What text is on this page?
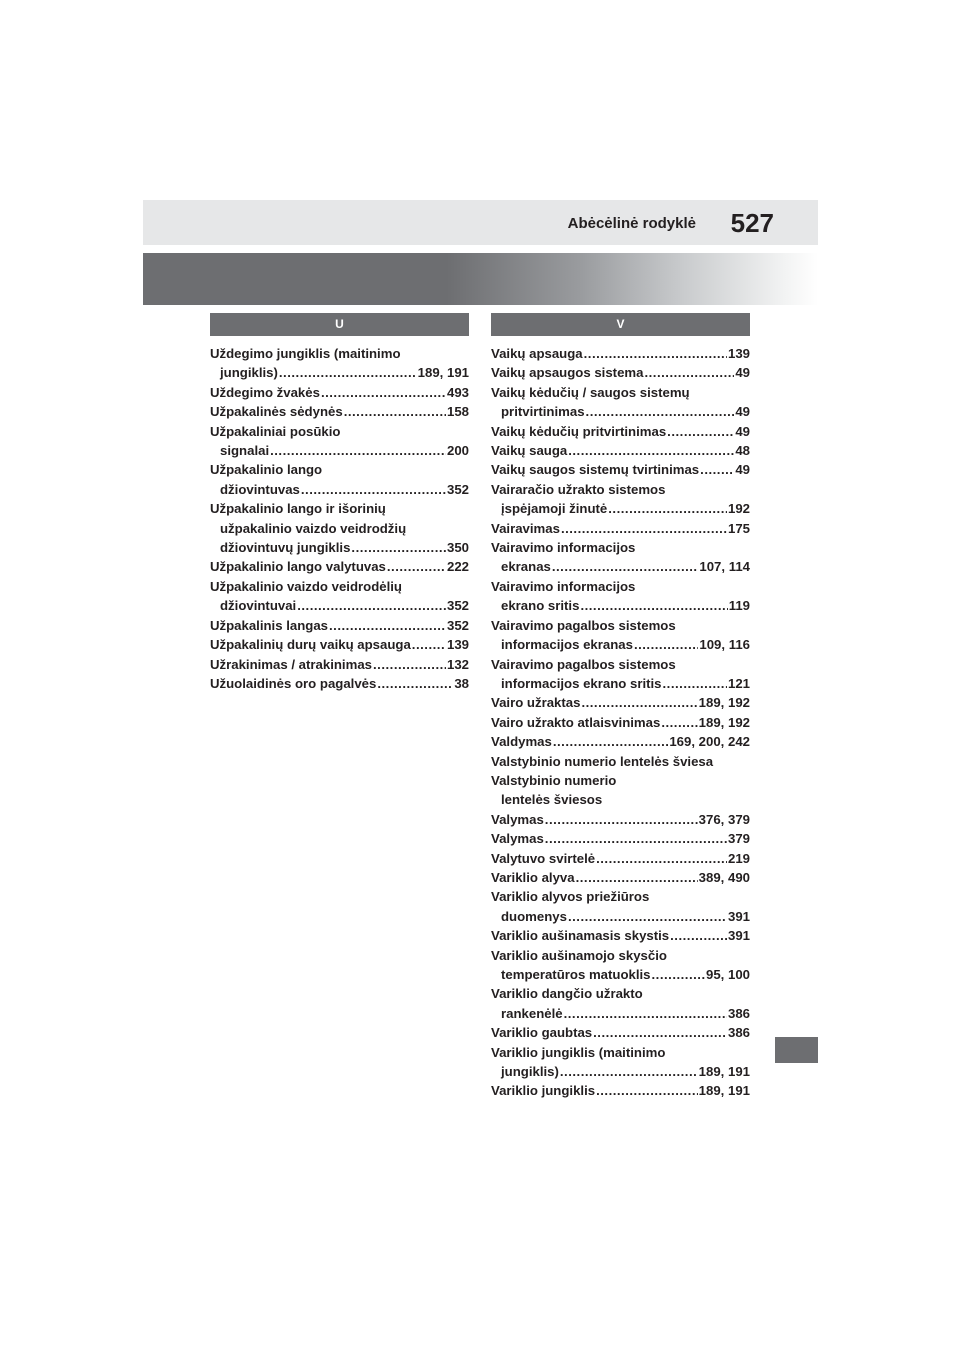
Abėcėlinė rodyklė 527
U
Uždegimo jungiklis (maitinimo
jungiklis) .....	189, 191
Uždegimo žvakės .....	493
Užpakalinės sėdynės .....	158
Užpakaliniai posūkio
signalai .....	200
Užpakalinio lango
džiovintuvas .....	352
Užpakalinio lango ir išorinių
užpakalinio vaizdo veidrodžių
džiovintuvų jungiklis .....	350
Užpakalinio lango valytuvas .....	222
Užpakalinio vaizdo veidrodėlių
džiovintuvai .....	352
Užpakalinis langas .....	352
Užpakalinių durų vaikų apsauga .....	139
Užrakinimas / atrakinimas .....	132
Užuolaidinės oro pagalvės .....	38
V
Vaikų apsauga .....	139
Vaikų apsaugos sistema .....	49
Vaikų kėdučių / saugos sistemų
pritvirtinimas .....	49
Vaikų kėdučių pritvirtinimas .....	49
Vaikų sauga .....	48
Vaikų saugos sistemų tvirtinimas .....	49
Vairaračio užrakto sistemos
įspėjamoji žinutė .....	192
Vairavimas .....	175
Vairavimo informacijos
ekranas .....	107, 114
Vairavimo informacijos
ekrano sritis .....	119
Vairavimo pagalbos sistemos
informacijos ekranas .....	109, 116
Vairavimo pagalbos sistemos
informacijos ekrano sritis .....	121
Vairo užraktas .....	189, 192
Vairo užrakto atlaisvinimas .....	189, 192
Valdymas .....	169, 200, 242
Valstybinio numerio lentelės šviesa
Valstybinio numerio
lentelės šviesos
Valymas .....	376, 379
Valymas .....	379
Valytuvo svirtelė .....	219
Variklio alyva .....	389, 490
Variklio alyvos priežiūros
duomenys .....	391
Variklio aušinamasis skystis .....	391
Variklio aušinamojo skysčio
temperatūros matuoklis .....	95, 100
Variklio dangčio užrakto
rankenėlė .....	386
Variklio gaubtas .....	386
Variklio jungiklis (maitinimo
jungiklis) .....	189, 191
Variklio jungiklis .....	189, 191
